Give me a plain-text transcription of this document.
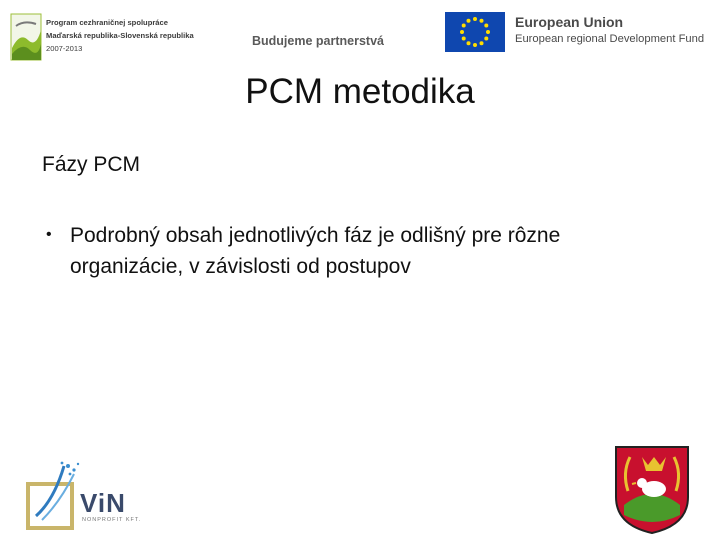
Program cezhraničnej spolupráce
Maďarská republika-Slovenská republika
2007-2013
Budujeme partnerstvá
European Union
European regional Development Fund
PCM metodika
Fázy PCM
• Podrobný obsah jednotlivých fáz je odlišný pre rôzne organizácie, v závislosti od postupov
ViN
NONPROFIT KFT.
